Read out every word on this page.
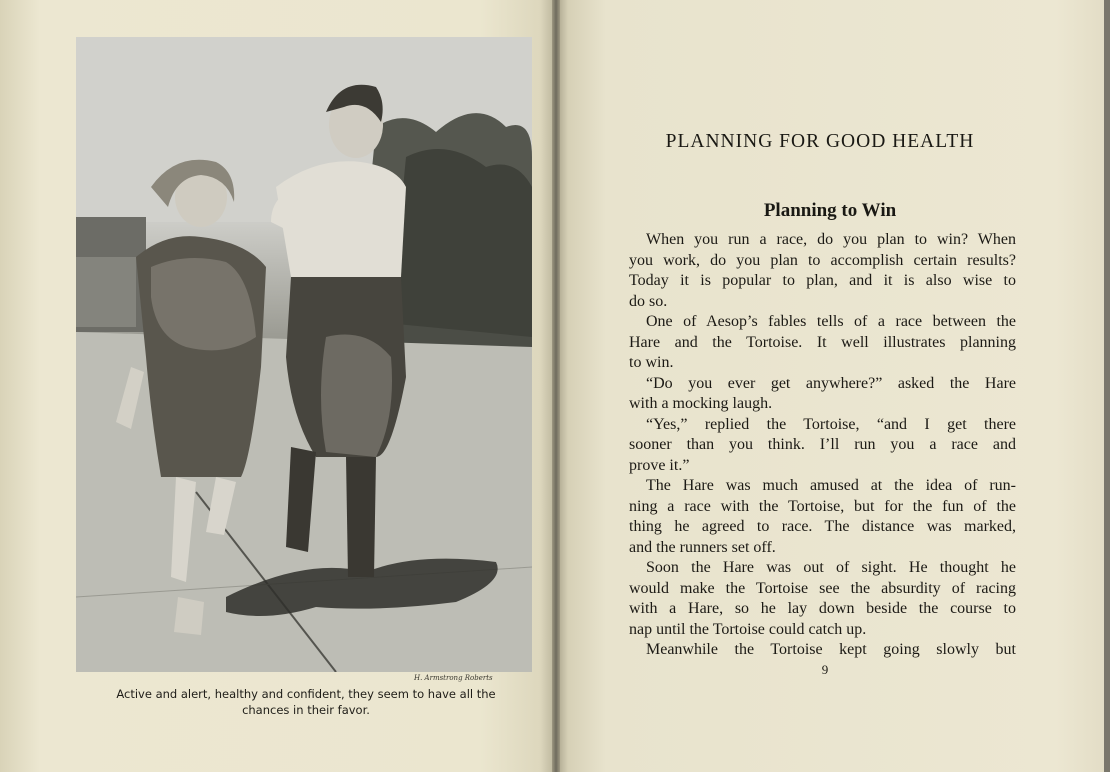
H. Armstrong Roberts
Active and alert, healthy and confident, they seem to have all the
chances in their favor.
PLANNING FOR GOOD HEALTH
Planning to Win
When you run a race, do you plan to win? When
you work, do you plan to accomplish certain results?
Today it is popular to plan, and it is also wise to
do so.
One of Aesop’s fables tells of a race between the
Hare and the Tortoise. It well illustrates planning
to win.
“Do you ever get anywhere?” asked the Hare
with a mocking laugh.
“Yes,” replied the Tortoise, “and I get there
sooner than you think. I’ll run you a race and
prove it.”
The Hare was much amused at the idea of run-
ning a race with the Tortoise, but for the fun of the
thing he agreed to race. The distance was marked,
and the runners set off.
Soon the Hare was out of sight. He thought he
would make the Tortoise see the absurdity of racing
with a Hare, so he lay down beside the course to
nap until the Tortoise could catch up.
Meanwhile the Tortoise kept going slowly but
9
